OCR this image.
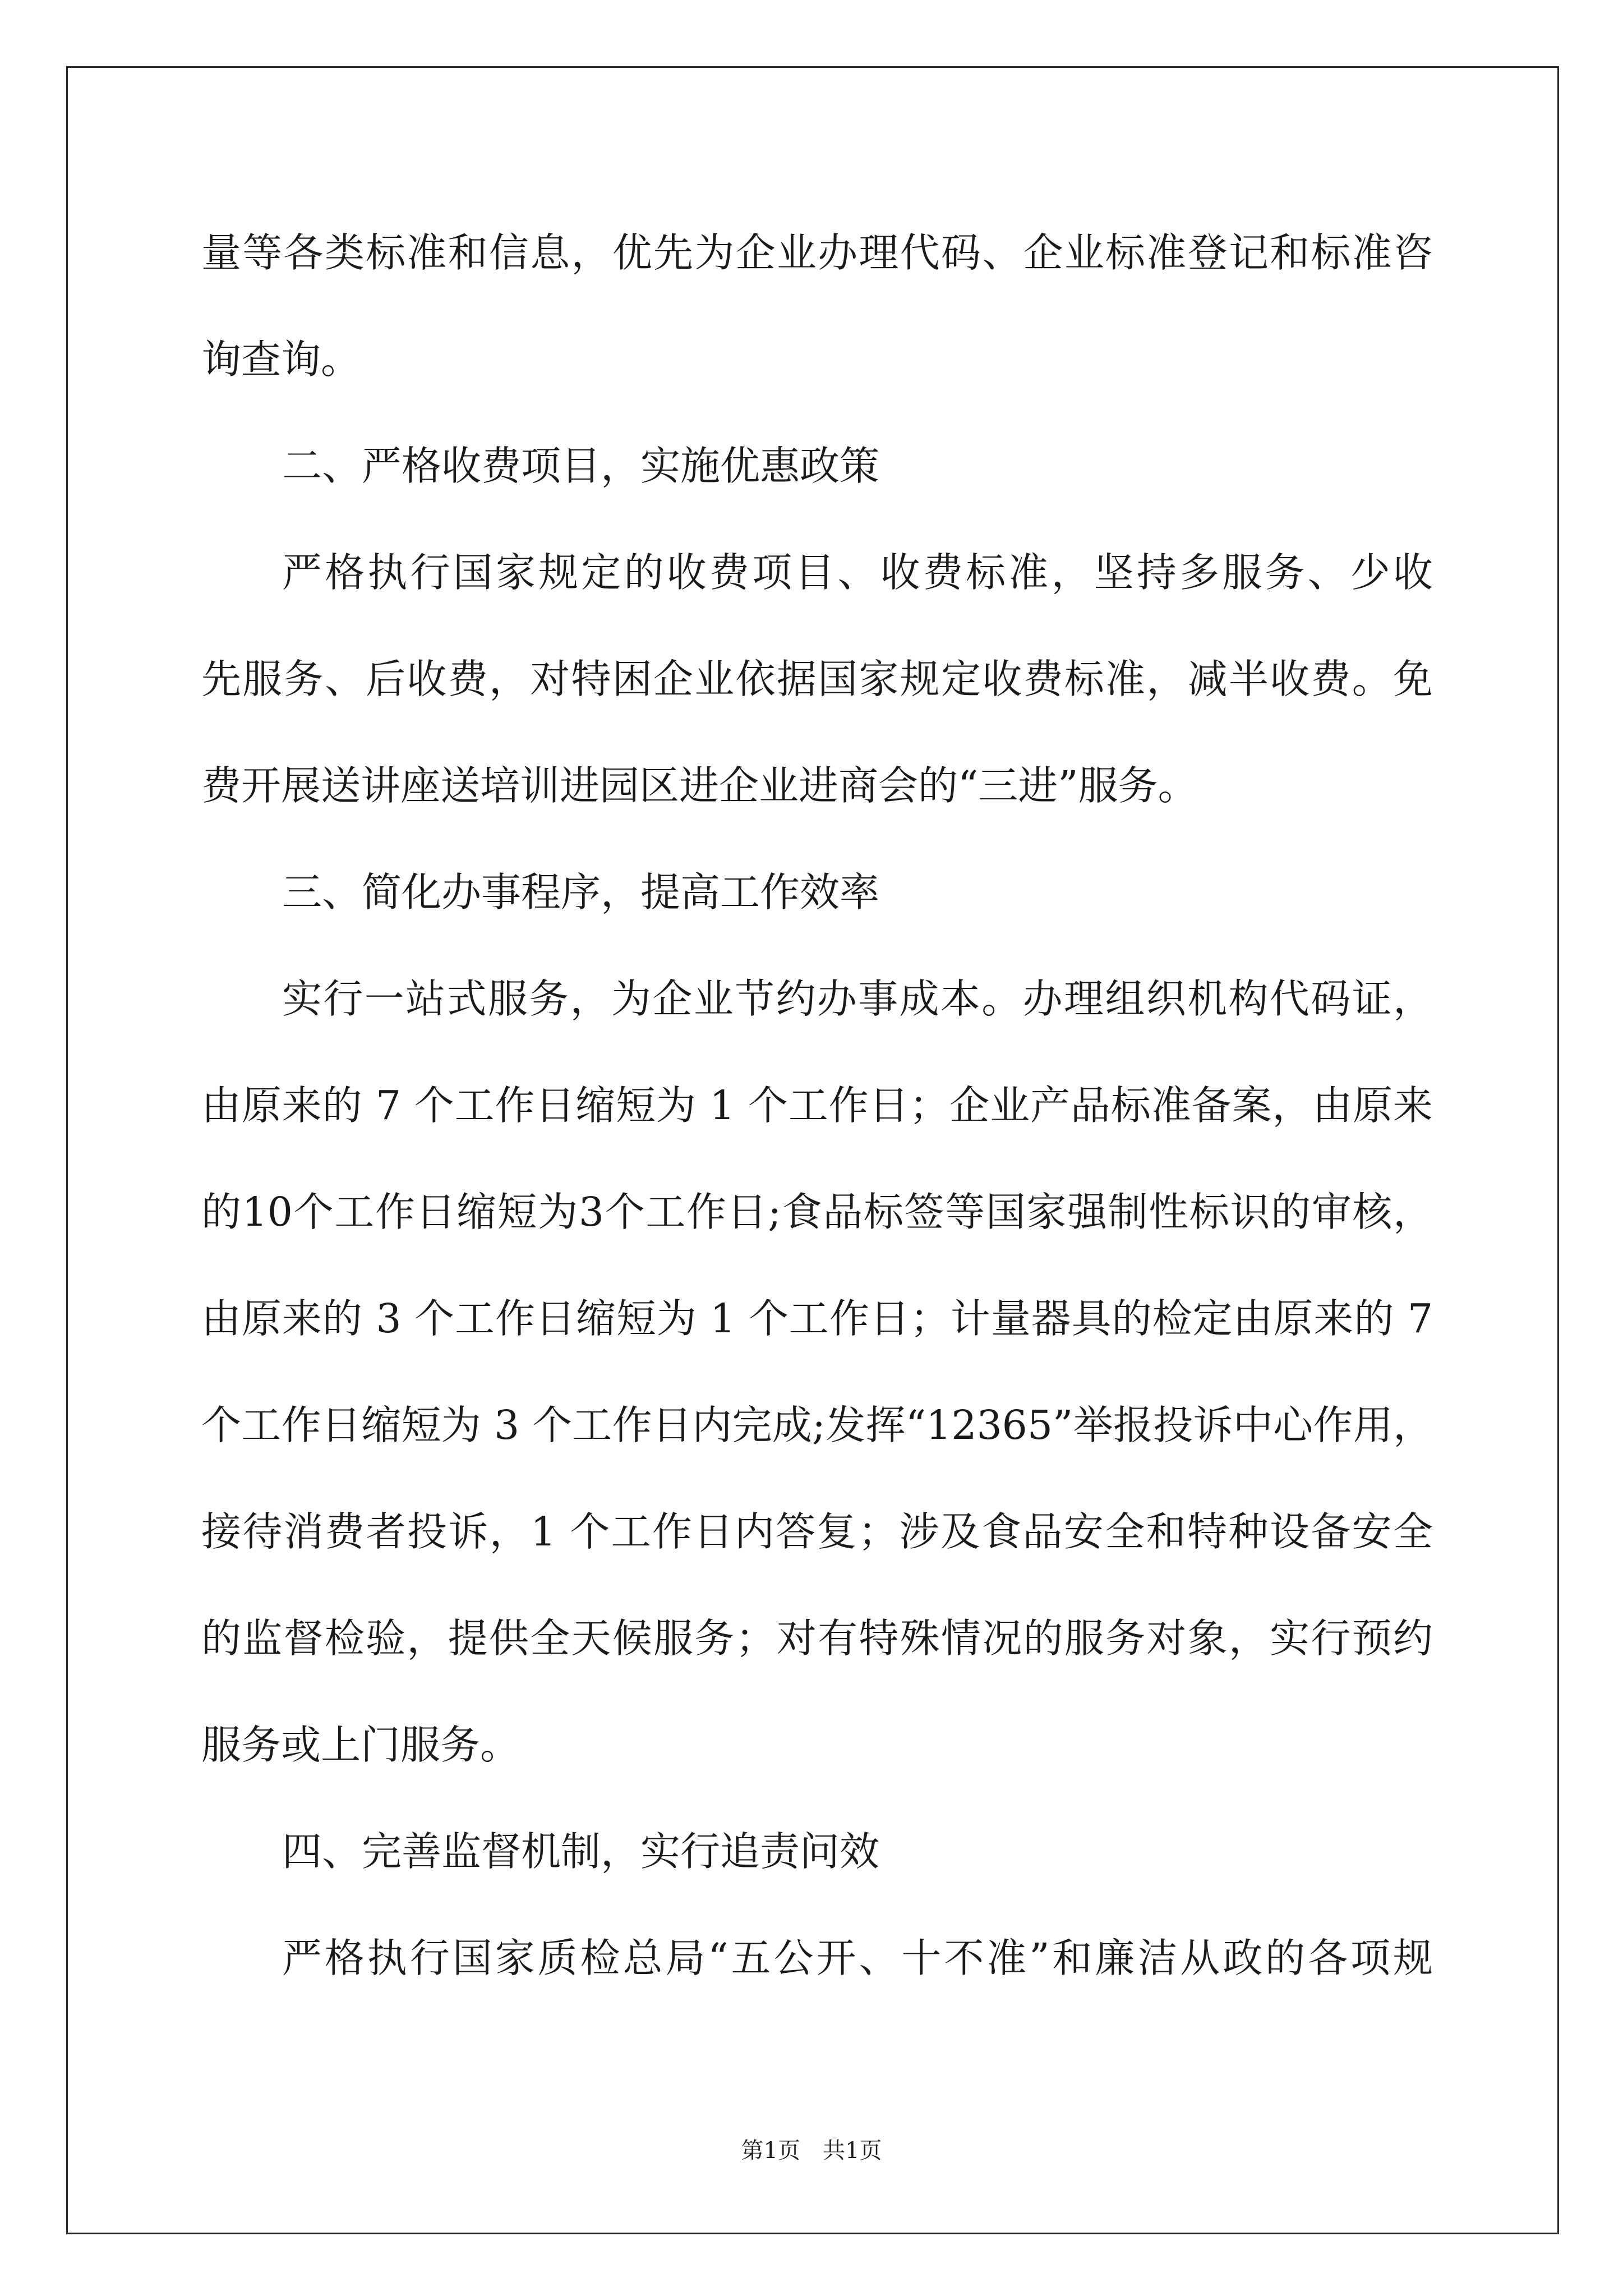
量等各类标准和信息，优先为企业办理代码、企业标准登记和标准咨
询查询。
二、严格收费项目，实施优惠政策
严格执行国家规定的收费项目、收费标准，坚持多服务、少收
先服务、后收费，对特困企业依据国家规定收费标准，减半收费。免
费开展送讲座送培训进园区进企业进商会的“三进”服务。
三、简化办事程序，提高工作效率
实行一站式服务，为企业节约办事成本。办理组织机构代码证，
由原来的 7 个工作日缩短为 1 个工作日；企业产品标准备案，由原来
的10个工作日缩短为3个工作日;食品标签等国家强制性标识的审核，
由原来的 3 个工作日缩短为 1 个工作日；计量器具的检定由原来的 7
个工作日缩短为 3 个工作日内完成;发挥“12365”举报投诉中心作用，
接待消费者投诉，1 个工作日内答复；涉及食品安全和特种设备安全
的监督检验，提供全天候服务；对有特殊情况的服务对象，实行预约
服务或上门服务。
四、完善监督机制，实行追责问效
严格执行国家质检总局“五公开、十不准”和廉洁从政的各项规
第1页　共1页
